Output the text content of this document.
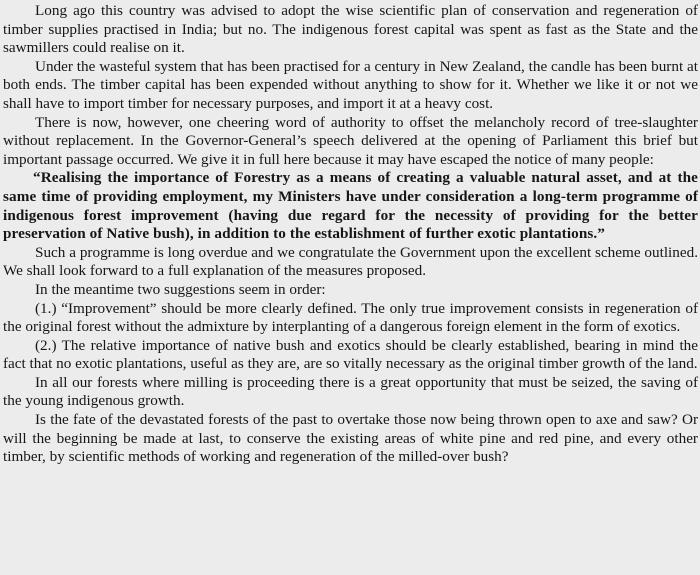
Long ago this country was advised to adopt the wise scientific plan of conservation and regeneration of timber supplies practised in India; but no. The indigenous forest capital was spent as fast as the State and the sawmillers could realise on it.

Under the wasteful system that has been practised for a century in New Zealand, the candle has been burnt at both ends. The timber capital has been expended without anything to show for it. Whether we like it or not we shall have to import timber for necessary purposes, and import it at a heavy cost.

There is now, however, one cheering word of authority to offset the melancholy record of tree-slaughter without replacement. In the Governor-General’s speech delivered at the opening of Parliament this brief but important passage occurred. We give it in full here because it may have escaped the notice of many people:

“Realising the importance of Forestry as a means of creating a valuable natural asset, and at the same time of providing employment, my Ministers have under consideration a long-term programme of indigenous forest improvement (having due regard for the necessity of providing for the better preservation of Native bush), in addition to the establishment of further exotic plantations.”

Such a programme is long overdue and we congratulate the Government upon the excellent scheme outlined. We shall look forward to a full explanation of the measures proposed.

In the meantime two suggestions seem in order:

(1.) “Improvement” should be more clearly defined. The only true improvement consists in regeneration of the original forest without the admixture by interplanting of a dangerous foreign element in the form of exotics.

(2.) The relative importance of native bush and exotics should be clearly established, bearing in mind the fact that no exotic plantations, useful as they are, are so vitally necessary as the original timber growth of the land.

In all our forests where milling is proceeding there is a great opportunity that must be seized, the saving of the young indigenous growth.

Is the fate of the devastated forests of the past to overtake those now being thrown open to axe and saw? Or will the beginning be made at last, to conserve the existing areas of white pine and red pine, and every other timber, by scientific methods of working and regeneration of the milled-over bush?
